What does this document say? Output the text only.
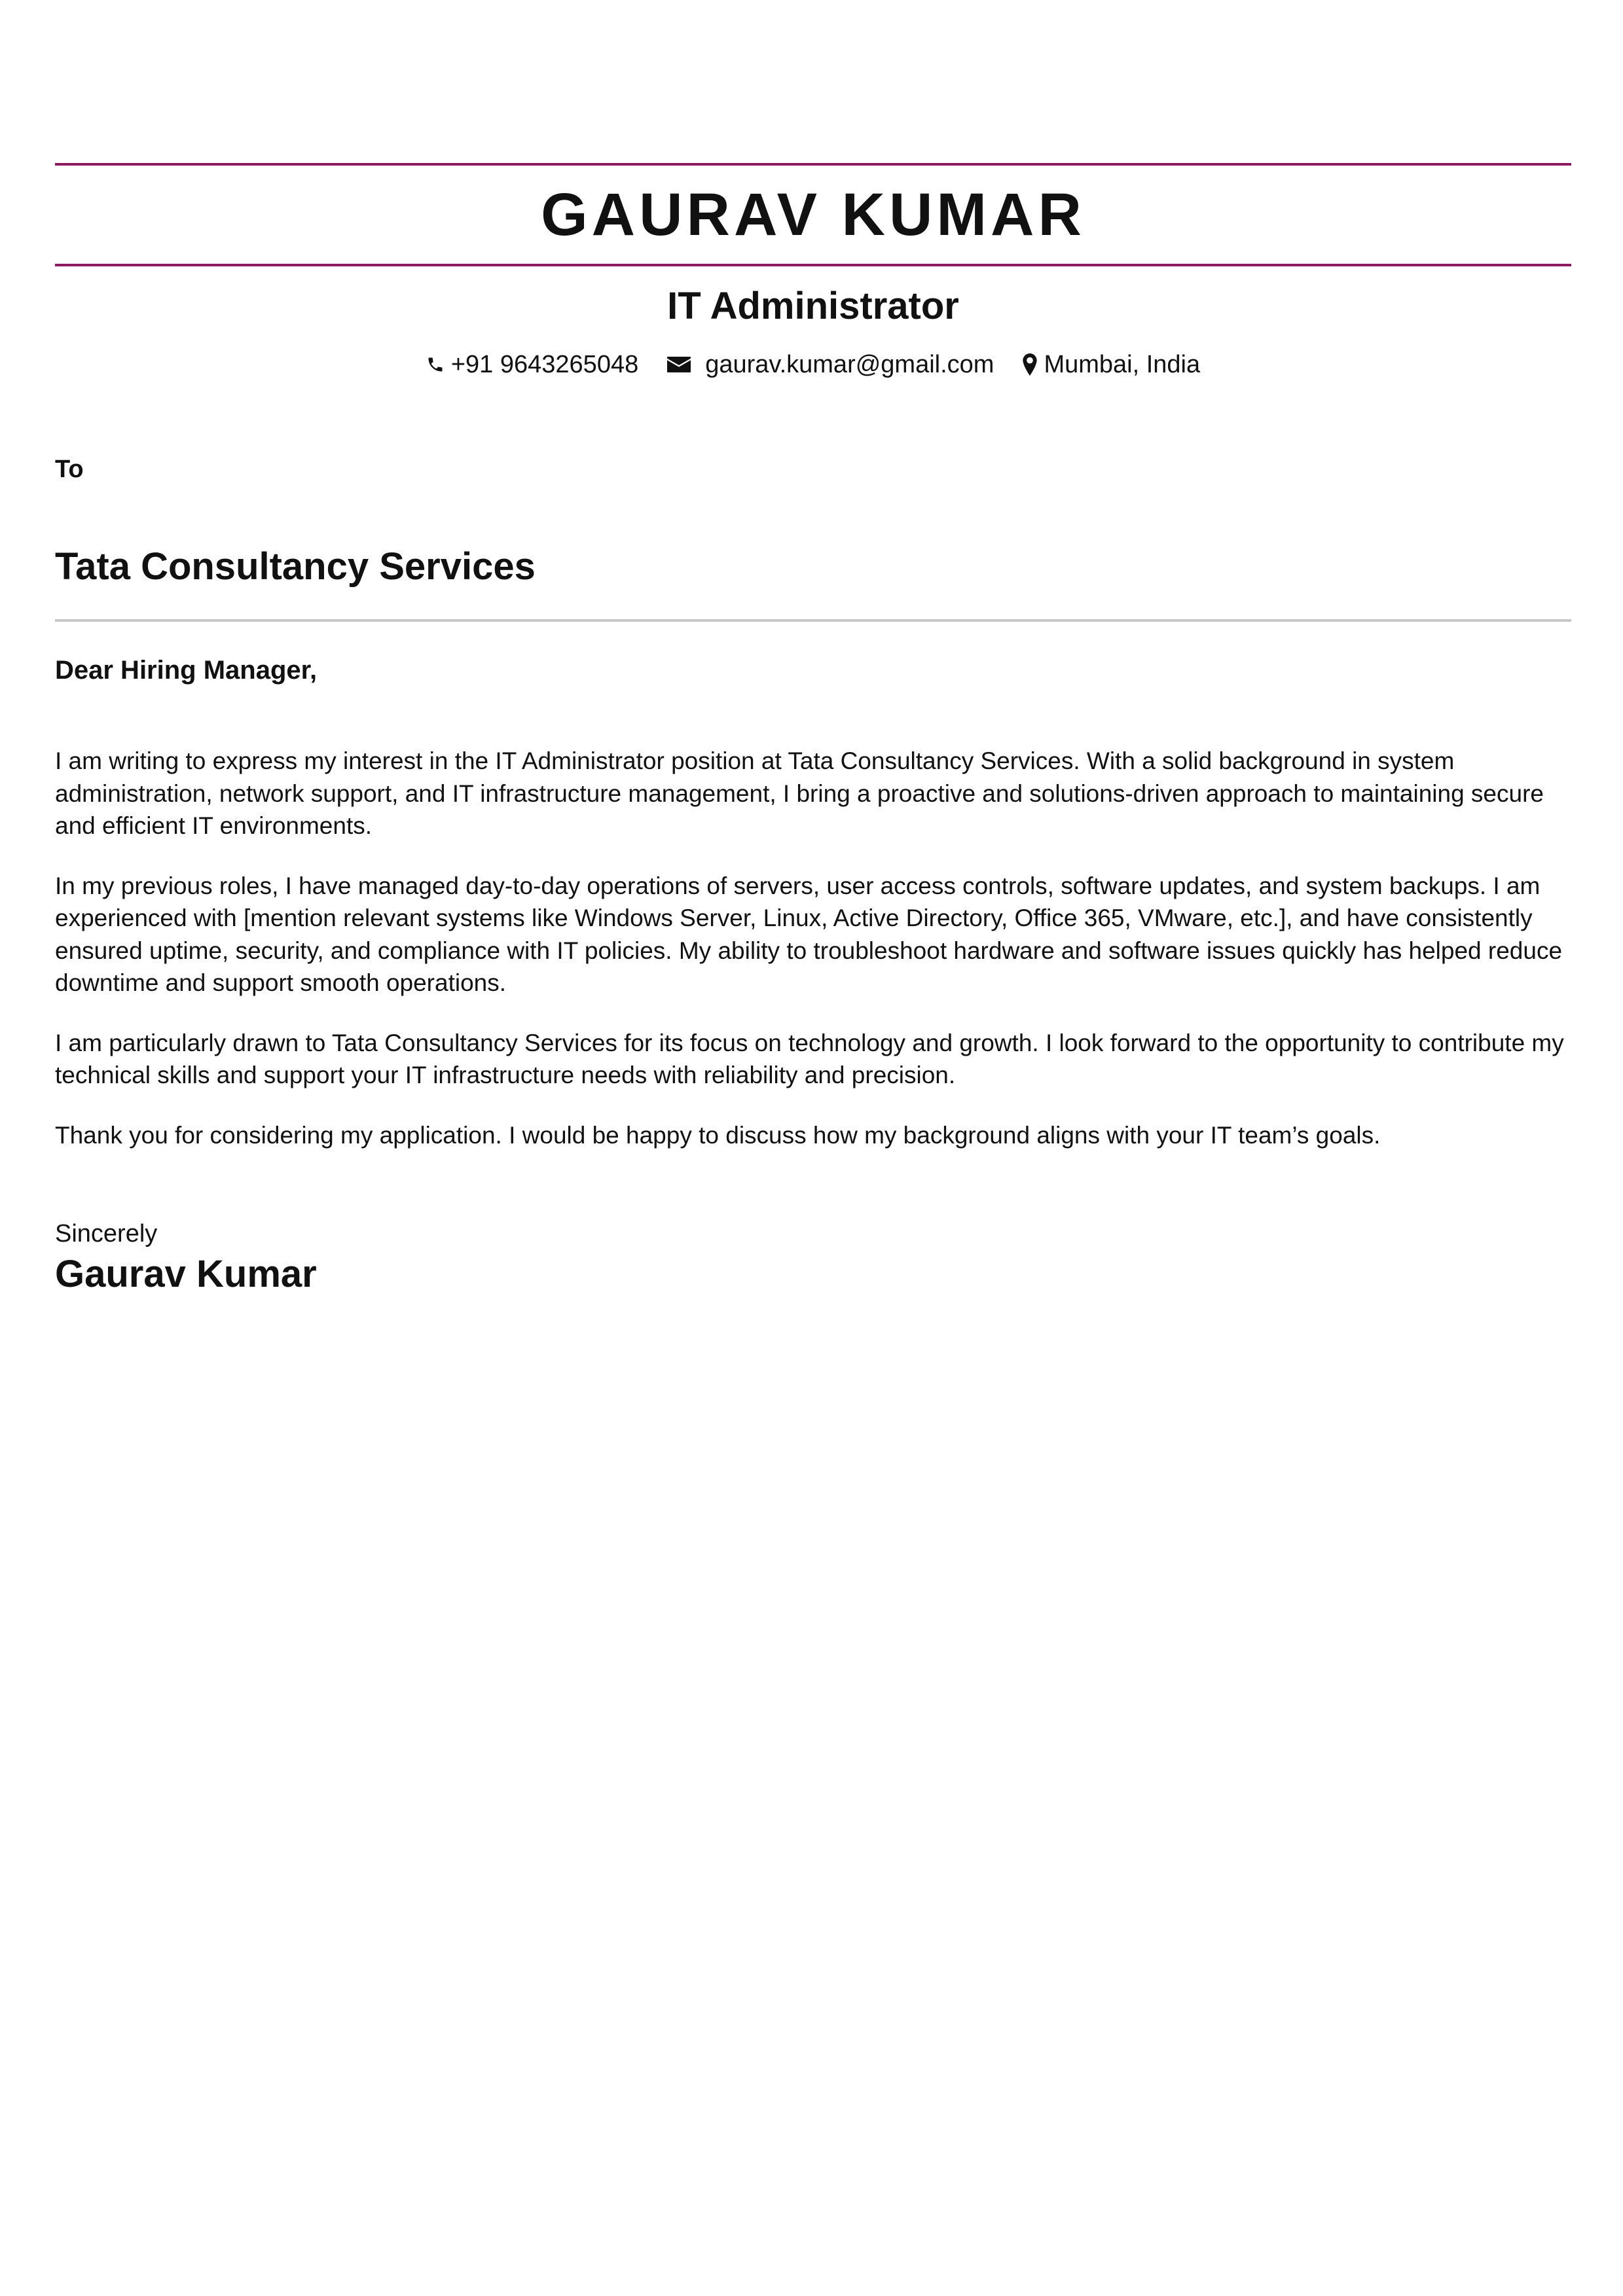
GAURAV KUMAR
IT Administrator
+91 9643265048	gaurav.kumar@gmail.com Mumbai, India
To
Tata Consultancy Services
Dear Hiring Manager,

I am writing to express my interest in the IT Administrator position at Tata Consultancy Services. With a solid background in system administration, network support, and IT infrastructure management, I bring a proactive and solutions-driven approach to maintaining secure and efficient IT environments.

In my previous roles, I have managed day-to-day operations of servers, user access controls, software updates, and system backups. I am experienced with [mention relevant systems like Windows Server, Linux, Active Directory, Office 365, VMware, etc.], and have consistently ensured uptime, security, and compliance with IT policies. My ability to troubleshoot hardware and software issues quickly has helped reduce downtime and support smooth operations.

I am particularly drawn to Tata Consultancy Services for its focus on technology and growth. I look forward to the opportunity to contribute my technical skills and support your IT infrastructure needs with reliability and precision.

Thank you for considering my application. I would be happy to discuss how my background aligns with your IT team’s goals.

Sincerely
Gaurav Kumar
